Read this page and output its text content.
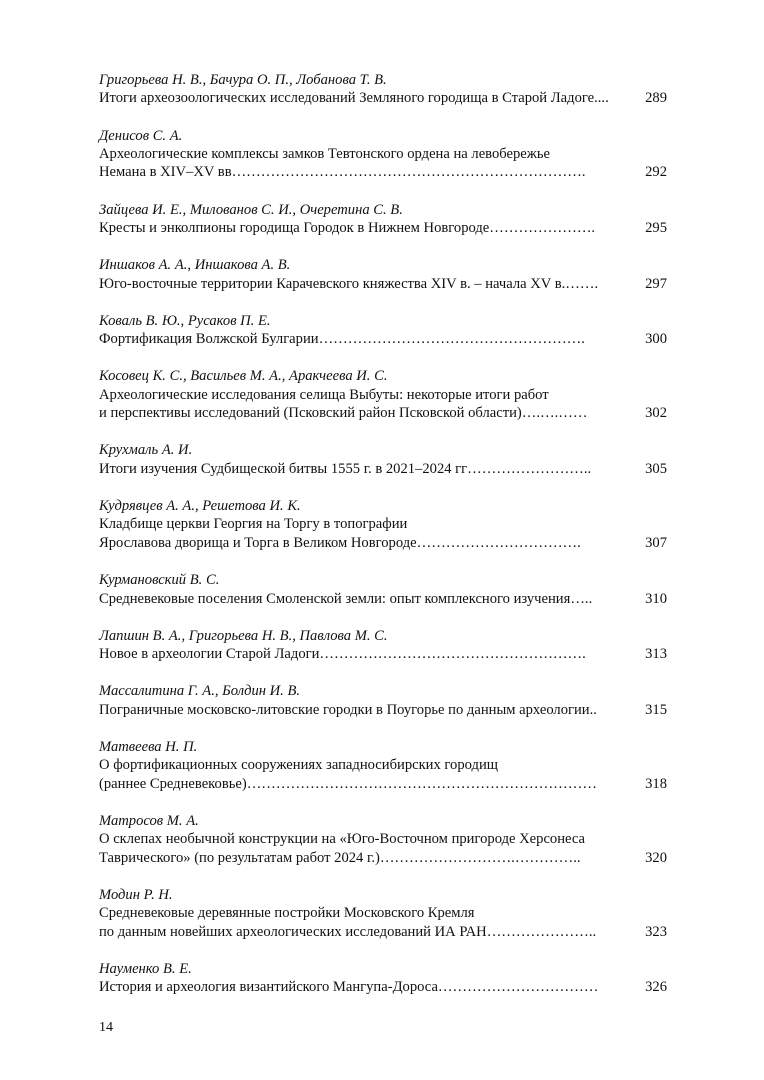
Григорьева Н. В., Бачура О. П., Лобанова Т. В.
Итоги археозоологических исследований Земляного городища в Старой Ладоге....	289
Денисов С. А.
Археологические комплексы замков Тевтонского ордена на левобережье
Немана в XIV–XV вв……………………………………………………………….	292
Зайцева И. Е., Милованов С. И., Очеретина С. В.
Кресты и энколпионы городища Городок в Нижнем Новгороде………………….	295
Иншаков А. А., Иншакова А. В.
Юго-восточные территории Карачевского княжества XIV в. – начала XV в.…….	297
Коваль В. Ю., Русаков П. Е.
Фортификация Волжской Булгарии……………………………………………….	300
Косовец К. С., Васильев М. А., Аракчеева И. С.
Археологические исследования селища Выбуты: некоторые итоги работ
и перспективы исследований (Псковский район Псковской области)….….……	302
Крухмаль А. И.
Итоги изучения Судбищеской битвы 1555 г. в 2021–2024 гг……………………..	305
Кудрявцев А. А., Решетова И. К.
Кладбище церкви Георгия на Торгу в топографии
Ярославова дворища и Торга в Великом Новгороде…………………………….	307
Курмановский В. С.
Средневековые поселения Смоленской земли: опыт комплексного изучения…..	310
Лапшин В. А., Григорьева Н. В., Павлова М. С.
Новое в археологии Старой Ладоги……………………………………………….	313
Массалитина Г. А., Болдин И. В.
Пограничные московско-литовские городки в Поугорье по данным археологии..	315
Матвеева Н. П.
О фортификационных сооружениях западносибирских городищ
(раннее Средневековье)………………………………………………………………	318
Матросов М. А.
О склепах необычной конструкции на «Юго-Восточном пригороде Херсонеса
Таврического» (по результатам работ 2024 г.)……………………….…………..	320
Модин Р. Н.
Средневековые деревянные постройки Московского Кремля
по данным новейших археологических исследований ИА РАН…………………..	323
Науменко В. Е.
История и археология византийского Мангупа-Дороса……………………………	326
14
